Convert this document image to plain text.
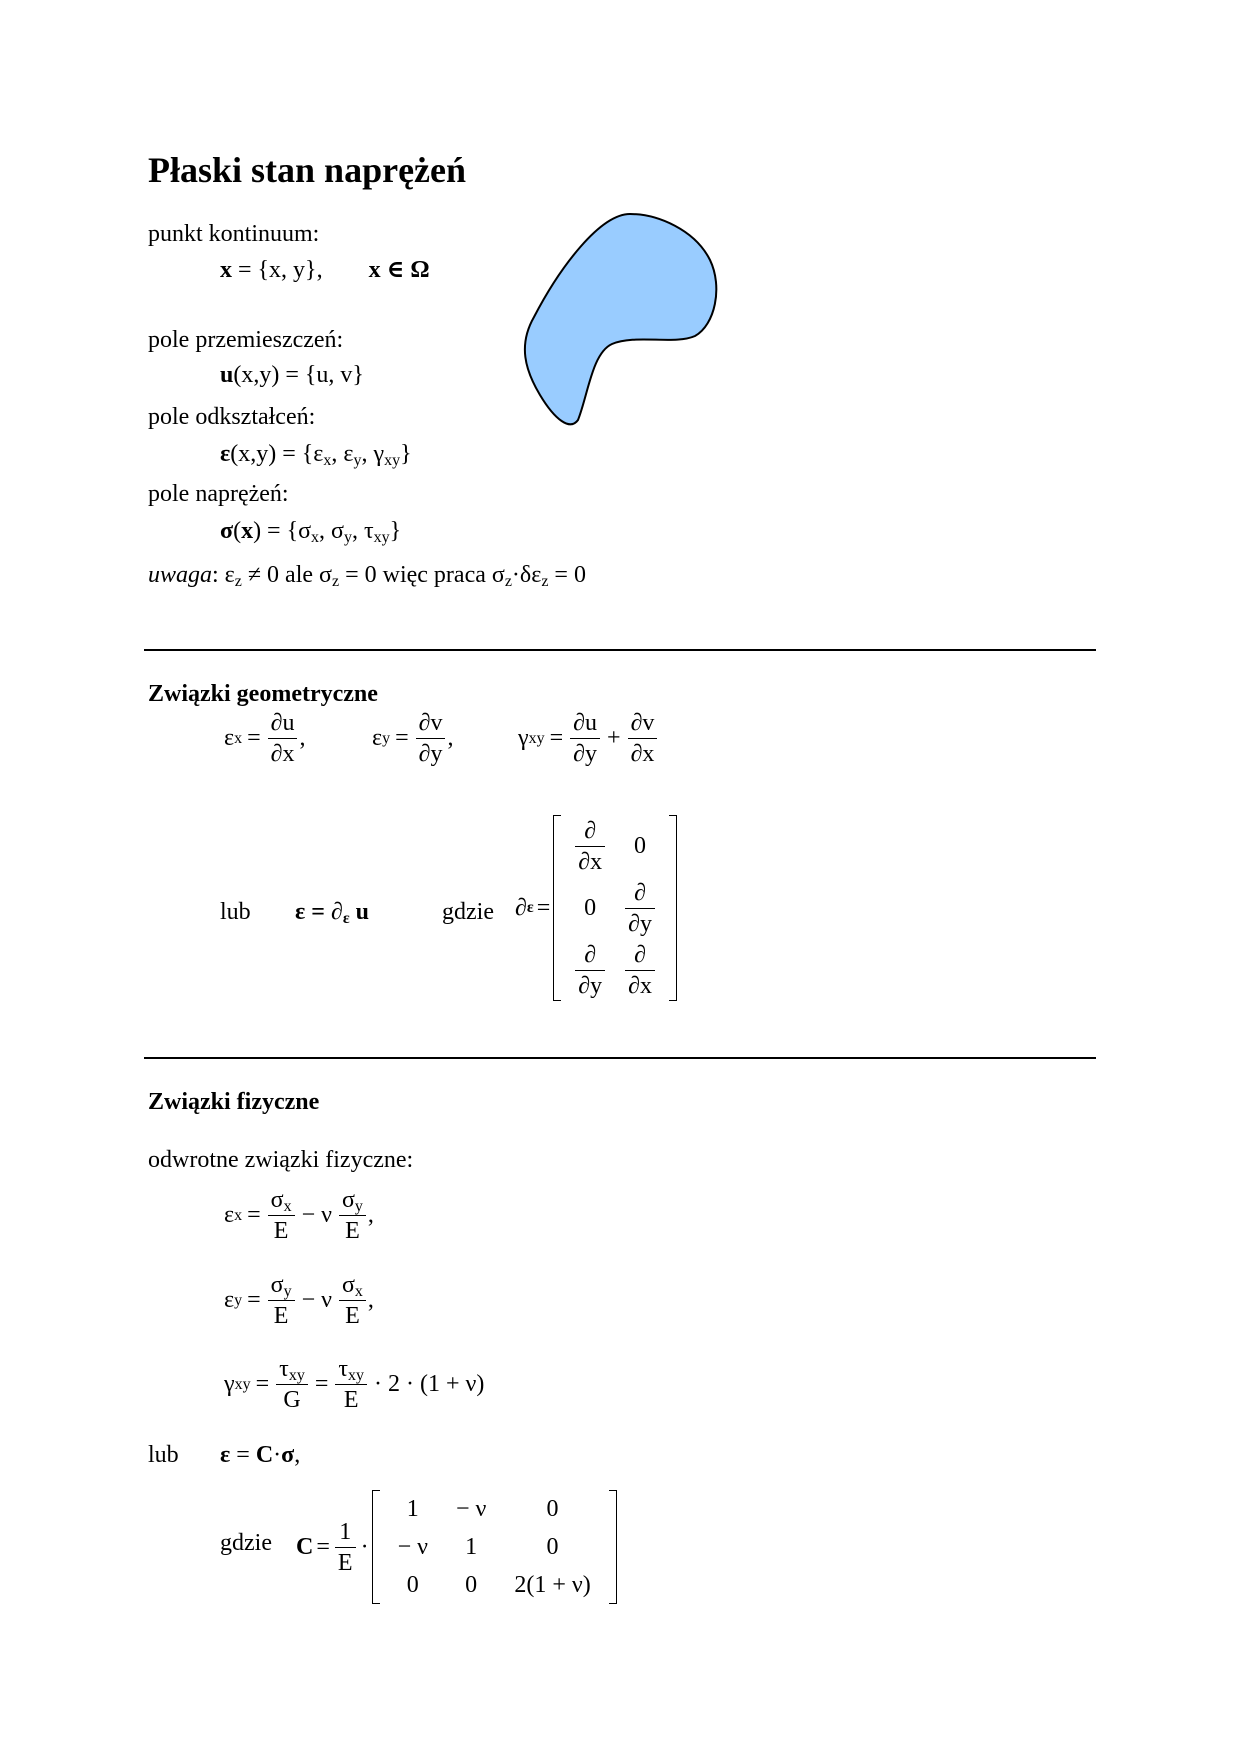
Płaski stan naprężeń
punkt kontinuum:
x = {x, y}, x ∈ Ω
pole przemieszczeń:
u(x,y) = {u, v}
pole odkształceń:
$\varepsilon(x,y) = \{\varepsilon_x$, $\varepsilon_y$, $\gamma_{xy}$}
pole naprężeń:
$\sigma(x) = \{\sigma_x$, $\sigma_y$, $\tau_{xy}$}
uwaga: $\varepsilon_z \ne 0$ ale $\sigma_z = 0$ więc praca $\sigma_z\cdot\delta\varepsilon_z = 0$
Związki geometryczne
ε $x = \frac{\partial u}{\partial x}$ ,	ε $y = \frac{\partial v}{\partial y}$ ,	γ xy = $\frac{\partial u}{\partial y} + \frac{\partial v}{\partial x}$
lub $\varepsilon = \partial_\varepsilon$ u	gdzie ∂ ε =
$\frac{\partial}{\partial x}$	0
0	$\frac{\partial}{\partial y}$

$\frac{\partial}{\partial y}$	$\frac{\partial}{\partial x}$
Związki fizyczne
odwrotne związki fizyczne:
ε $x = \frac{\sigma_x}{E} - \nu \frac{\sigma_y}{E}$ ,
ε $y = \frac{\sigma_y}{E} - \nu \frac{\sigma_x}{E}$ ,
γ xy = $\frac{\tau_{xy}}{G} = \frac{\tau_{xy}}{E} \cdot 2 \cdot (1 + \nu)$
lub ε = C·σ,
gdzie $C = \frac{1}{E}$ ·
1	− ν	0
− ν	1	0
0	0	2(1 + ν)
